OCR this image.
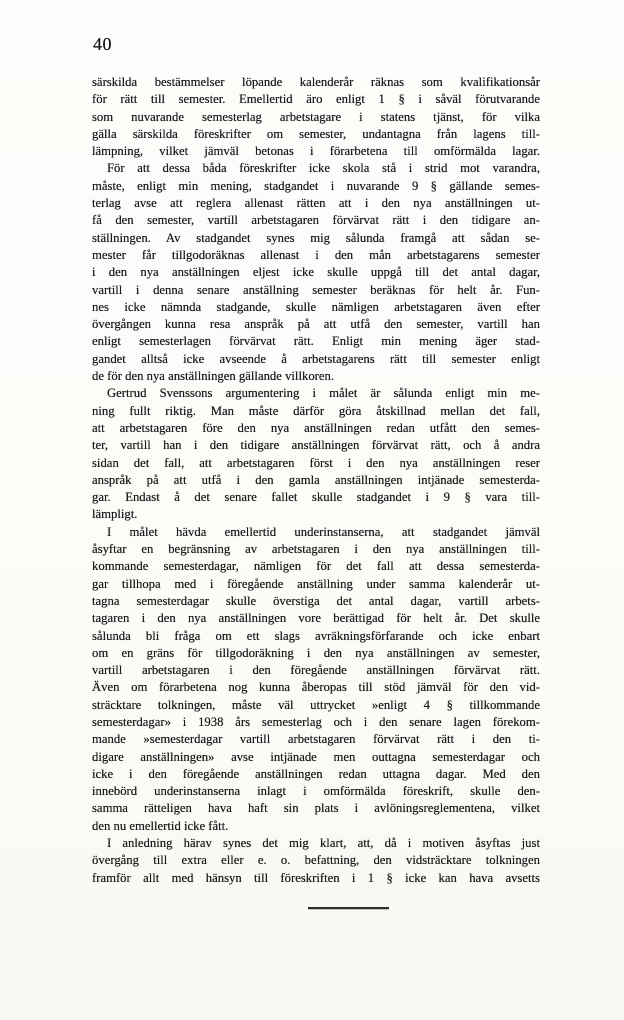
40
särskilda bestämmelser löpande kalenderår räknas som kvalifikationsår
för rätt till semester. Emellertid äro enligt 1 § i såväl förutvarande
som nuvarande semesterlag arbetstagare i statens tjänst, för vilka
gälla särskilda föreskrifter om semester, undantagna från lagens till-
lämpning, vilket jämväl betonas i förarbetena till omförmälda lagar.
För att dessa båda föreskrifter icke skola stå i strid mot varandra,
måste, enligt min mening, stadgandet i nuvarande 9 § gällande semes-
terlag avse att reglera allenast rätten att i den nya anställningen ut-
få den semester, vartill arbetstagaren förvärvat rätt i den tidigare an-
ställningen. Av stadgandet synes mig sålunda framgå att sådan se-
mester får tillgodoräknas allenast i den mån arbetstagarens semester
i den nya anställningen eljest icke skulle uppgå till det antal dagar,
vartill i denna senare anställning semester beräknas för helt år. Fun-
nes icke nämnda stadgande, skulle nämligen arbetstagaren även efter
övergången kunna resa anspråk på att utfå den semester, vartill han
enligt semesterlagen förvärvat rätt. Enligt min mening äger stad-
gandet alltså icke avseende å arbetstagarens rätt till semester enligt
de för den nya anställningen gällande villkoren.
Gertrud Svenssons argumentering i målet är sålunda enligt min me-
ning fullt riktig. Man måste därför göra åtskillnad mellan det fall,
att arbetstagaren före den nya anställningen redan utfått den semes-
ter, vartill han i den tidigare anställningen förvärvat rätt, och å andra
sidan det fall, att arbetstagaren först i den nya anställningen reser
anspråk på att utfå i den gamla anställningen intjänade semesterda-
gar. Endast å det senare fallet skulle stadgandet i 9 § vara till-
lämpligt.
I målet hävda emellertid underinstanserna, att stadgandet jämväl
åsyftar en begränsning av arbetstagaren i den nya anställningen till-
kommande semesterdagar, nämligen för det fall att dessa semesterda-
gar tillhopa med i föregående anställning under samma kalenderår ut-
tagna semesterdagar skulle överstiga det antal dagar, vartill arbets-
tagaren i den nya anställningen vore berättigad för helt år. Det skulle
sålunda bli fråga om ett slags avräkningsförfarande och icke enbart
om en gräns för tillgodoräkning i den nya anställningen av semester,
vartill arbetstagaren i den föregående anställningen förvärvat rätt.
Även om förarbetena nog kunna åberopas till stöd jämväl för den vid-
sträcktare tolkningen, måste väl uttrycket »enligt 4 § tillkommande
semesterdagar» i 1938 års semesterlag och i den senare lagen förekom-
mande »semesterdagar vartill arbetstagaren förvärvat rätt i den ti-
digare anställningen» avse intjänade men outtagna semesterdagar och
icke i den föregående anställningen redan uttagna dagar. Med den
innebörd underinstanserna inlagt i omförmälda föreskrift, skulle den-
samma rätteligen hava haft sin plats i avlöningsreglementena, vilket
den nu emellertid icke fått.
I anledning härav synes det mig klart, att, då i motiven åsyftas just
övergång till extra eller e. o. befattning, den vidsträcktare tolkningen
framför allt med hänsyn till föreskriften i 1 § icke kan hava avsetts
